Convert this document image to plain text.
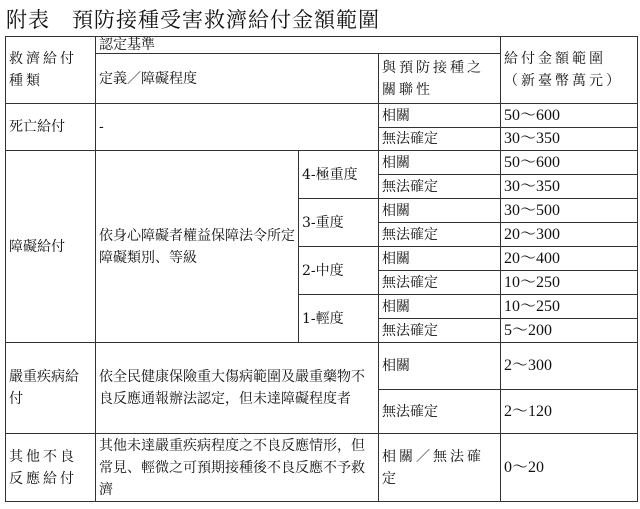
附表　預防接種受害救濟給付金額範圍
救濟給付種類	認定基準			給付金額範圍（新臺幣萬元）
	定義／障礙程度		與預防接種之關聯性	
死亡給付	-		相關	50～600
			無法確定	30～350
障礙給付	依身心障礙者權益保障法令所定障礙類別、等級	4-極重度	相關	50～600
			無法確定	30～350
		3-重度	相關	30～500
			無法確定	20～300
		2-中度	相關	20～400
			無法確定	10～250
		1-輕度	相關	10～250
			無法確定	5～200
嚴重疾病給付	依全民健康保險重大傷病範圍及嚴重藥物不良反應通報辦法認定，但未達障礙程度者		相關	2～300
			無法確定	2～120
其他不良反應給付	其他未達嚴重疾病程度之不良反應情形，但常見、輕微之可預期接種後不良反應不予救濟		相關／無法確定	0～20
